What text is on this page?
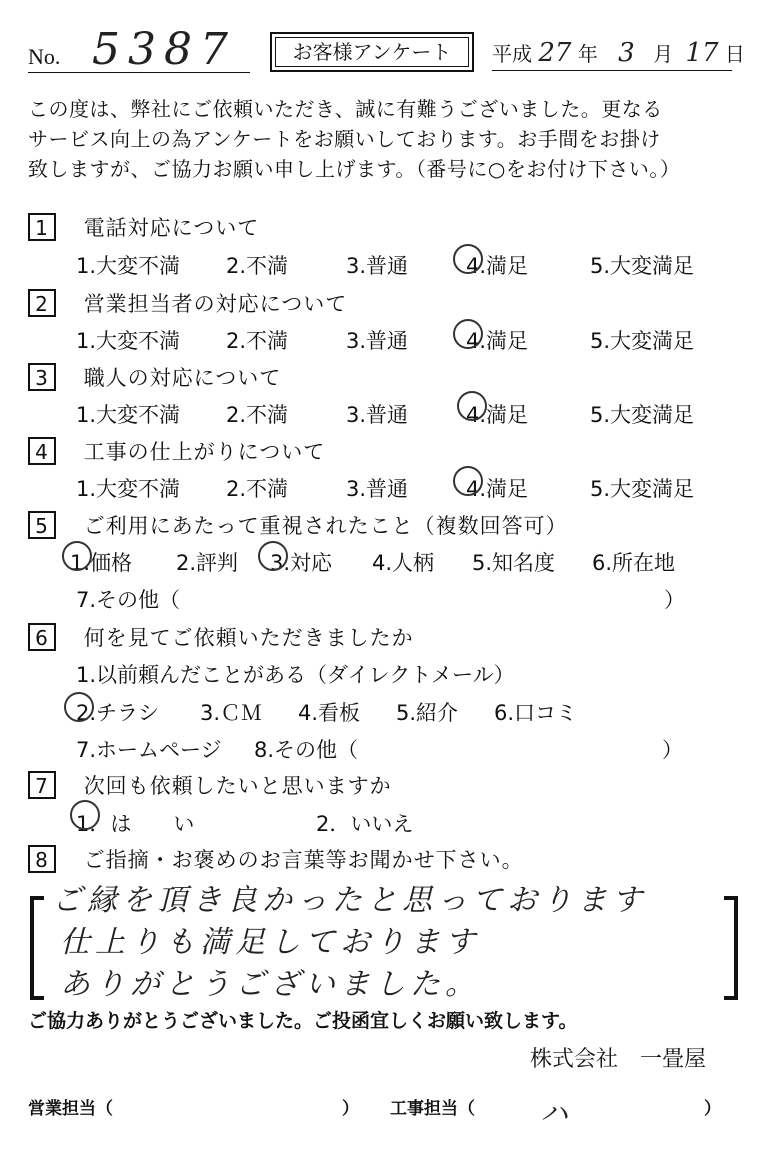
No. 5387	お客様アンケート	平成 27 年 3 月 17 日
この度は、弊社にご依頼いただき、誠に有難うございました。更なる
サービス向上の為アンケートをお願いしております。お手間をお掛け
致しますが、ご協力お願い申し上げます。（番号に○をお付け下さい。）
1 電話対応について
1.大変不満 2.不満	3.普通	4.満足	5.大変満足
2 営業担当者の対応について
1.大変不満 2.不満	3.普通	4.満足	5.大変満足
3 職人の対応について
1.大変不満 2.不満	3.普通	4.満足	5.大変満足
4 工事の仕上がりについて
1.大変不満 2.不満	3.普通	4.満足	5.大変満足
5 ご利用にあたって重視されたこと（複数回答可）
1.価格 2.評判 3.対応 4.人柄 5.知名度 6.所在地
7.その他（	）
6 何を見てご依頼いただきましたか
1.以前頼んだことがある（ダイレクトメール）
2.チラシ 3.ＣＭ 4.看板 5.紹介 6.口コミ
7.ホームページ 8.その他（	）
7 次回も依頼したいと思いますか
1．は　　い	2．いいえ
8 ご指摘・お褒めのお言葉等お聞かせ下さい。
ご縁を頂き良かったと思っております
仕上りも満足しております
ありがとうございました。
ご協力ありがとうございました。ご投函宜しくお願い致します。
株式会社　一畳屋
営業担当（	） 工事担当（ ハ	）
